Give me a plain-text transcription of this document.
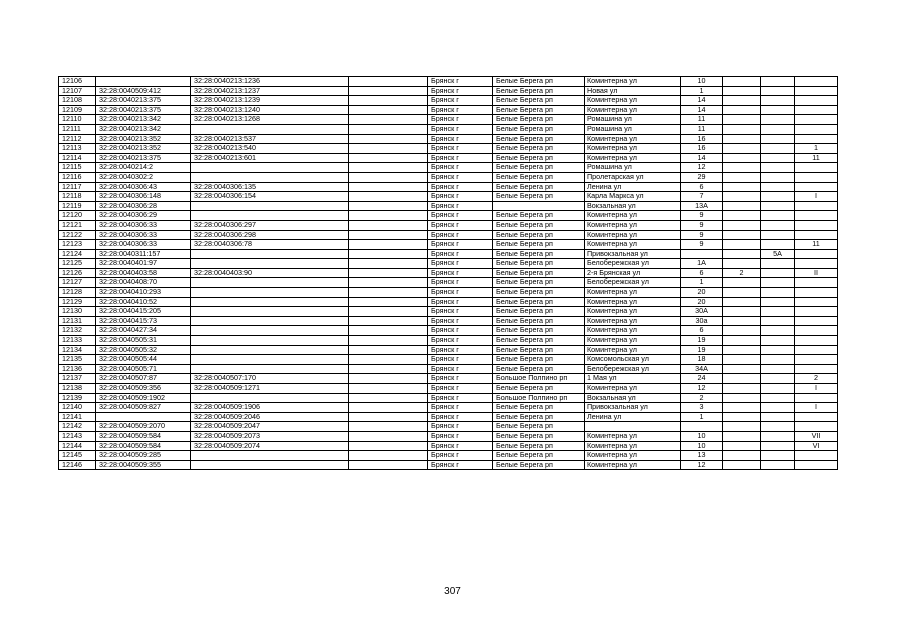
12106		32:28:0040213:1236		Брянск г	Белые Берега рп	Коминтерна ул	10			
12107	32:28:0040509:412	32:28:0040213:1237		Брянск г	Белые Берега рп	Новая ул	1			
12108	32:28:0040213:375	32:28:0040213:1239		Брянск г	Белые Берега рп	Коминтерна ул	14			
12109	32:28:0040213:375	32:28:0040213:1240		Брянск г	Белые Берега рп	Коминтерна ул	14			
12110	32:28:0040213:342	32:28:0040213:1268		Брянск г	Белые Берега рп	Ромашина ул	11			
12111	32:28:0040213:342			Брянск г	Белые Берега рп	Ромашина ул	11			
12112	32:28:0040213:352	32:28:0040213:537		Брянск г	Белые Берега рп	Коминтерна ул	16			
12113	32:28:0040213:352	32:28:0040213:540		Брянск г	Белые Берега рп	Коминтерна ул	16			1
12114	32:28:0040213:375	32:28:0040213:601		Брянск г	Белые Берега рп	Коминтерна ул	14			11
12115	32:28:0040214:2			Брянск г	Белые Берега рп	Ромашина ул	12			
12116	32:28:0040302:2			Брянск г	Белые Берега рп	Пролетарская ул	29			
12117	32:28:0040306:43	32:28:0040306:135		Брянск г	Белые Берега рп	Ленина ул	6			
12118	32:28:0040306:148	32:28:0040306:154		Брянск г	Белые Берега рп	Карла Маркса ул	7			I
12119	32:28:0040306:28			Брянск г		Вокзальная ул	13А			
12120	32:28:0040306:29			Брянск г	Белые Берега рп	Коминтерна ул	9			
12121	32:28:0040306:33	32:28:0040306:297		Брянск г	Белые Берега рп	Коминтерна ул	9			
12122	32:28:0040306:33	32:28:0040306:298		Брянск г	Белые Берега рп	Коминтерна ул	9			
12123	32:28:0040306:33	32:28:0040306:78		Брянск г	Белые Берега рп	Коминтерна ул	9			11
12124	32:28:0040311:157			Брянск г	Белые Берега рп	Привокзальная ул			5А	
12125	32:28:0040401:97			Брянск г	Белые Берега рп	Белобережская ул	1А			
12126	32:28:0040403:58	32:28:0040403:90		Брянск г	Белые Берега рп	2-я Брянская ул	6	2		II
12127	32:28:0040408:70			Брянск г	Белые Берега рп	Белобережская ул	1			
12128	32:28:0040410:293			Брянск г	Белые Берега рп	Коминтерна ул	20			
12129	32:28:0040410:52			Брянск г	Белые Берега рп	Коминтерна ул	20			
12130	32:28:0040415:205			Брянск г	Белые Берега рп	Коминтерна ул	30А			
12131	32:28:0040415:73			Брянск г	Белые Берега рп	Коминтерна ул	30а			
12132	32:28:0040427:34			Брянск г	Белые Берега рп	Коминтерна ул	6			
12133	32:28:0040505:31			Брянск г	Белые Берега рп	Коминтерна ул	19			
12134	32:28:0040505:32			Брянск г	Белые Берега рп	Коминтерна ул	19			
12135	32:28:0040505:44			Брянск г	Белые Берега рп	Комсомольская ул	18			
12136	32:28:0040505:71			Брянск г	Белые Берега рп	Белобережская ул	34А			
12137	32:28:0040507:87	32:28:0040507:170		Брянск г	Большое Полпино рп	1 Мая ул	24			2
12138	32:28:0040509:356	32:28:0040509:1271		Брянск г	Белые Берега рп	Коминтерна ул	12			I
12139	32:28:0040509:1902			Брянск г	Большое Полпино рп	Вокзальная ул	2			
12140	32:28:0040509:827	32:28:0040509:1906		Брянск г	Белые Берега рп	Привокзальная ул	3			I
12141		32:28:0040509:2046		Брянск г	Белые Берега рп	Ленина ул	1			
12142	32:28:0040509:2070	32:28:0040509:2047		Брянск г	Белые Берега рп					
12143	32:28:0040509:584	32:28:0040509:2073		Брянск г	Белые Берега рп	Коминтерна ул	10			VII
12144	32:28:0040509:584	32:28:0040509:2074		Брянск г	Белые Берега рп	Коминтерна ул	10			VI
12145	32:28:0040509:285			Брянск г	Белые Берега рп	Коминтерна ул	13			
12146	32:28:0040509:355			Брянск г	Белые Берега рп	Коминтерна ул	12			
307
